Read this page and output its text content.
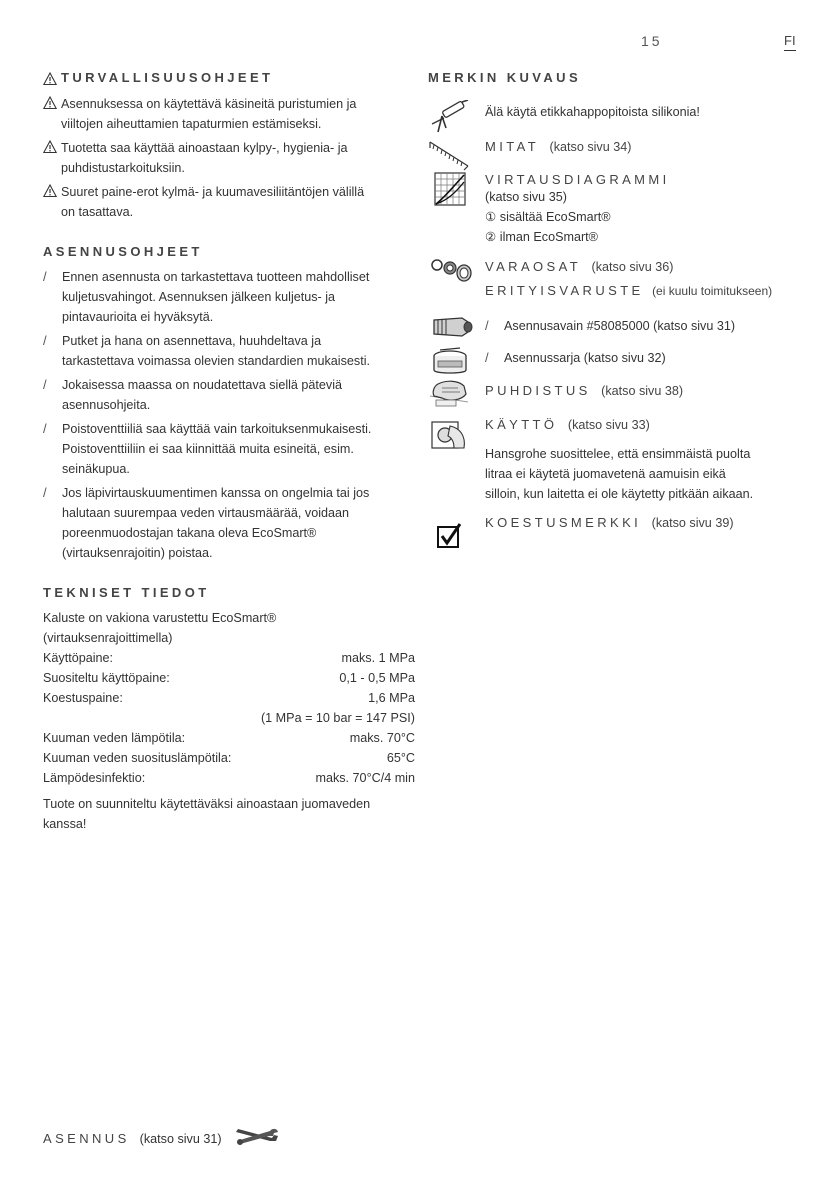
15	FI
TURVALLISUUSOHJEET

Asennuksessa on käytettävä käsineitä puristumien ja

viiltojen aiheuttamien tapaturmien estämiseksi.

Tuotetta saa käyttää ainoastaan kylpy-, hygienia- ja

puhdistustarkoituksiin.

Suuret paine-erot kylmä- ja kuumavesiliitäntöjen välillä

on tasattava.

ASENNUSOHJEET
/	Ennen asennusta on tarkastettava tuotteen mahdolliset

kuljetusvahingot. Asennuksen jälkeen kuljetus- ja

pintavaurioita ei hyväksytä.

/	Putket ja hana on asennettava, huuhdeltava ja

tarkastettava voimassa olevien standardien mukaisesti.

/	Jokaisessa maassa on noudatettava siellä päteviä

asennusohjeita.

/	Poistoventtiiliä saa käyttää vain tarkoituksenmukaisesti.

Poistoventtiiliin ei saa kiinnittää muita esineitä, esim.

seinäkupua.

/	Jos läpivirtauskuumentimen kanssa on ongelmia tai jos

halutaan suurempaa veden virtausmäärää, voidaan

poreenmuodostajan takana oleva EcoSmart®

(virtauksenrajoitin) poistaa.

TEKNISET TIEDOT

Kaluste on vakiona varustettu EcoSmart®

(virtauksenrajoittimella)

Käyttöpaine:	maks. 1 MPa
Suositeltu käyttöpaine:	0,1 - 0,5 MPa
Koestuspaine:	1,6 MPa
(1 MPa = 10 bar = 147 PSI)
Kuuman veden lämpötila:	maks. 70°C
Kuuman veden suosituslämpötila:	65°C
Lämpödesinfektio:	maks. 70°C/4 min

Tuote on suunniteltu käytettäväksi ainoastaan juomaveden

kanssa!

ASENNUS (katso sivu 31)
MERKIN KUVAUS

Älä käytä etikkahappopitoista silikonia!

MITAT (katso sivu 34)
VIRTAUSDIAGRAMMI

(katso sivu 35)

① sisältää EcoSmart®

② ilman EcoSmart®

VARAOSAT (katso sivu 36)
ERITYISVARUSTE (ei kuulu toimitukseen)
/	Asennusavain #58085000 (katso sivu 31)
/	Asennussarja (katso sivu 32)
PUHDISTUS (katso sivu 38)
KÄYTTÖ (katso sivu 33)

Hansgrohe suosittelee, että ensimmäistä puolta

litraa ei käytetä juomavetenä aamuisin eikä

silloin, kun laitetta ei ole käytetty pitkään aikaan.

KOESTUSMERKKI (katso sivu 39)
